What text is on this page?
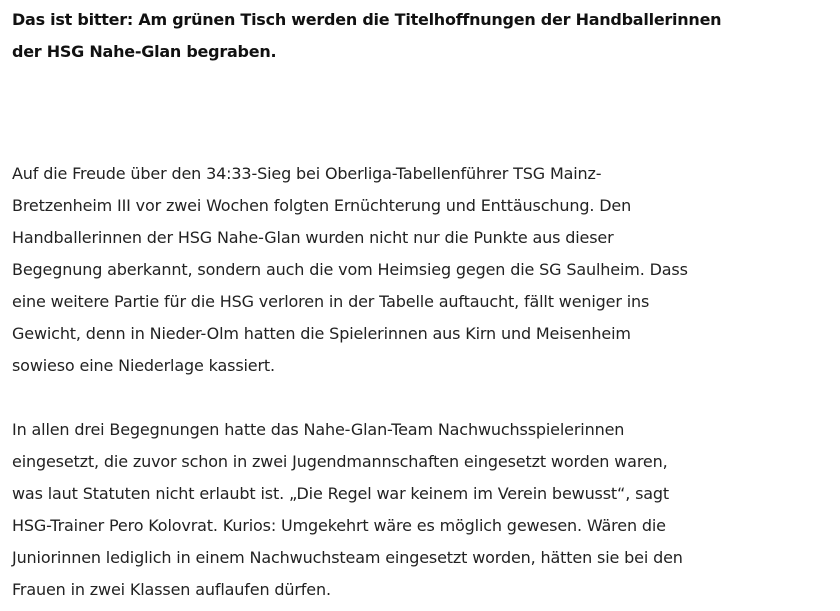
Das ist bitter: Am grünen Tisch werden die Titelhoffnungen der Handballerinnen
der HSG Nahe-Glan begraben.

Auf die Freude über den 34:33-Sieg bei Oberliga-Tabellenführer TSG Mainz-
Bretzenheim III vor zwei Wochen folgten Ernüchterung und Enttäuschung. Den
Handballerinnen der HSG Nahe-Glan wurden nicht nur die Punkte aus dieser
Begegnung aberkannt, sondern auch die vom Heimsieg gegen die SG Saulheim. Dass
eine weitere Partie für die HSG verloren in der Tabelle auftaucht, fällt weniger ins
Gewicht, denn in Nieder-Olm hatten die Spielerinnen aus Kirn und Meisenheim
sowieso eine Niederlage kassiert.

In allen drei Begegnungen hatte das Nahe-Glan-Team Nachwuchsspielerinnen
eingesetzt, die zuvor schon in zwei Jugendmannschaften eingesetzt worden waren,
was laut Statuten nicht erlaubt ist. „Die Regel war keinem im Verein bewusst“, sagt
HSG-Trainer Pero Kolovrat. Kurios: Umgekehrt wäre es möglich gewesen. Wären die
Juniorinnen lediglich in einem Nachwuchsteam eingesetzt worden, hätten sie bei den
Frauen in zwei Klassen auflaufen dürfen.
